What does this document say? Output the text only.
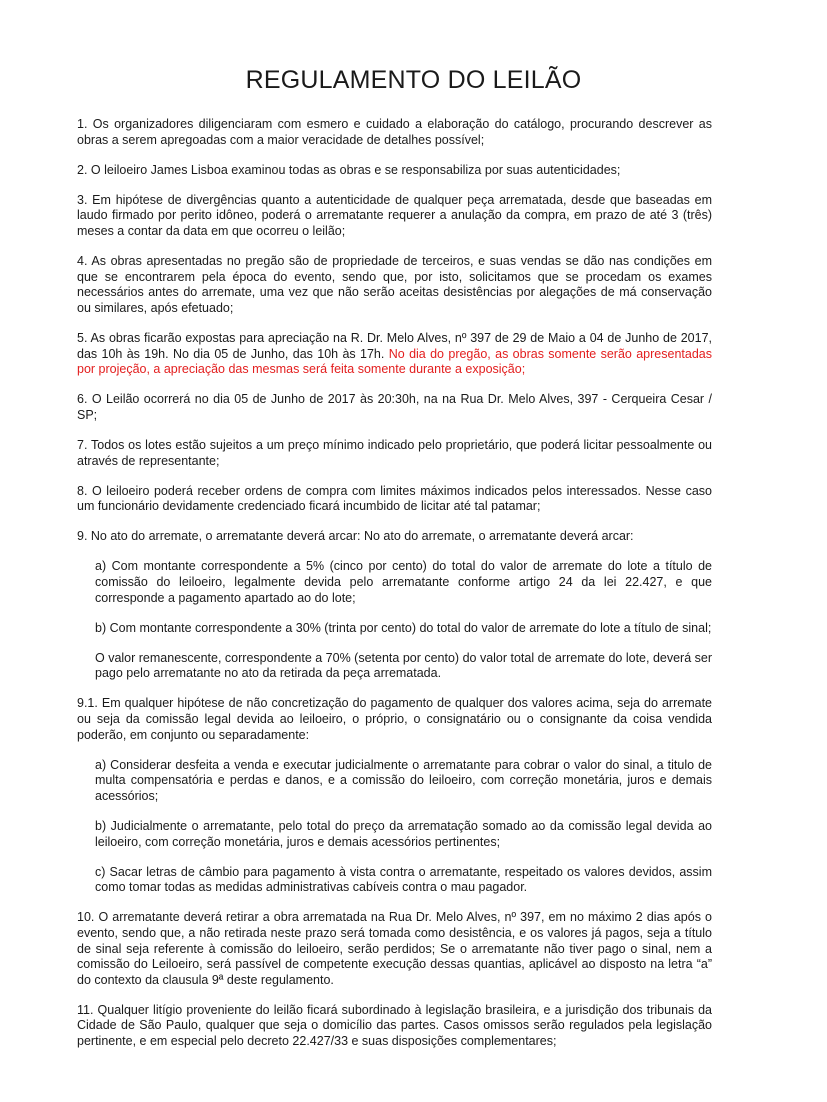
REGULAMENTO DO LEILÃO

1. Os organizadores diligenciaram com esmero e cuidado a elaboração do catálogo, procurando descrever as obras a serem apregoadas com a maior veracidade de detalhes possível;

2. O leiloeiro James Lisboa examinou todas as obras e se responsabiliza por suas autenticidades;

3. Em hipótese de divergências quanto a autenticidade de qualquer peça arrematada, desde que baseadas em laudo firmado por perito idôneo, poderá o arrematante requerer a anulação da compra, em prazo de até 3 (três) meses a contar da data em que ocorreu o leilão;

4. As obras apresentadas no pregão são de propriedade de terceiros, e suas vendas se dão nas condições em que se encontrarem pela época do evento, sendo que, por isto, solicitamos que se procedam os exames necessários antes do arremate, uma vez que não serão aceitas desistências por alegações de má conservação ou similares, após efetuado;

5. As obras ficarão expostas para apreciação na R. Dr. Melo Alves, nº 397 de 29 de Maio a 04 de Junho de 2017, das 10h às 19h. No dia 05 de Junho, das 10h às 17h. No dia do pregão, as obras somente serão apresentadas por projeção, a apreciação das mesmas será feita somente durante a exposição;

6. O Leilão ocorrerá no dia 05 de Junho de 2017 às 20:30h, na na Rua Dr. Melo Alves, 397 - Cerqueira Cesar / SP;

7. Todos os lotes estão sujeitos a um preço mínimo indicado pelo proprietário, que poderá licitar pessoalmente ou através de representante;

8. O leiloeiro poderá receber ordens de compra com limites máximos indicados pelos interessados. Nesse caso um funcionário devidamente credenciado ficará incumbido de licitar até tal patamar;

9. No ato do arremate, o arrematante deverá arcar: No ato do arremate, o arrematante deverá arcar:

a) Com montante correspondente a 5% (cinco por cento) do total do valor de arremate do lote a título de comissão do leiloeiro, legalmente devida pelo arrematante conforme artigo 24 da lei 22.427, e que corresponde a pagamento apartado ao do lote;

b) Com montante correspondente a 30% (trinta por cento) do total do valor de arremate do lote a título de sinal;

O valor remanescente, correspondente a 70% (setenta por cento) do valor total de arremate do lote, deverá ser pago pelo arrematante no ato da retirada da peça arrematada.

9.1. Em qualquer hipótese de não concretização do pagamento de qualquer dos valores acima, seja do arremate ou seja da comissão legal devida ao leiloeiro, o próprio, o consignatário ou o consignante da coisa vendida poderão, em conjunto ou separadamente:

a) Considerar desfeita a venda e executar judicialmente o arrematante para cobrar o valor do sinal, a titulo de multa compensatória e perdas e danos, e a comissão do leiloeiro, com correção monetária, juros e demais acessórios;

b) Judicialmente o arrematante, pelo total do preço da arrematação somado ao da comissão legal devida ao leiloeiro, com correção monetária, juros e demais acessórios pertinentes;

c) Sacar letras de câmbio para pagamento à vista contra o arrematante, respeitado os valores devidos, assim como tomar todas as medidas administrativas cabíveis contra o mau pagador.

10. O arrematante deverá retirar a obra arrematada na Rua Dr. Melo Alves, nº 397, em no máximo 2 dias após o evento, sendo que, a não retirada neste prazo será tomada como desistência, e os valores já pagos, seja a título de sinal seja referente à comissão do leiloeiro, serão perdidos; Se o arrematante não tiver pago o sinal, nem a comissão do Leiloeiro, será passível de competente execução dessas quantias, aplicável ao disposto na letra “a” do contexto da clausula 9ª deste regulamento.

11. Qualquer litígio proveniente do leilão ficará subordinado à legislação brasileira, e a jurisdição dos tribunais da Cidade de São Paulo, qualquer que seja o domicílio das partes. Casos omissos serão regulados pela legislação pertinente, e em especial pelo decreto 22.427/33 e suas disposições complementares;
